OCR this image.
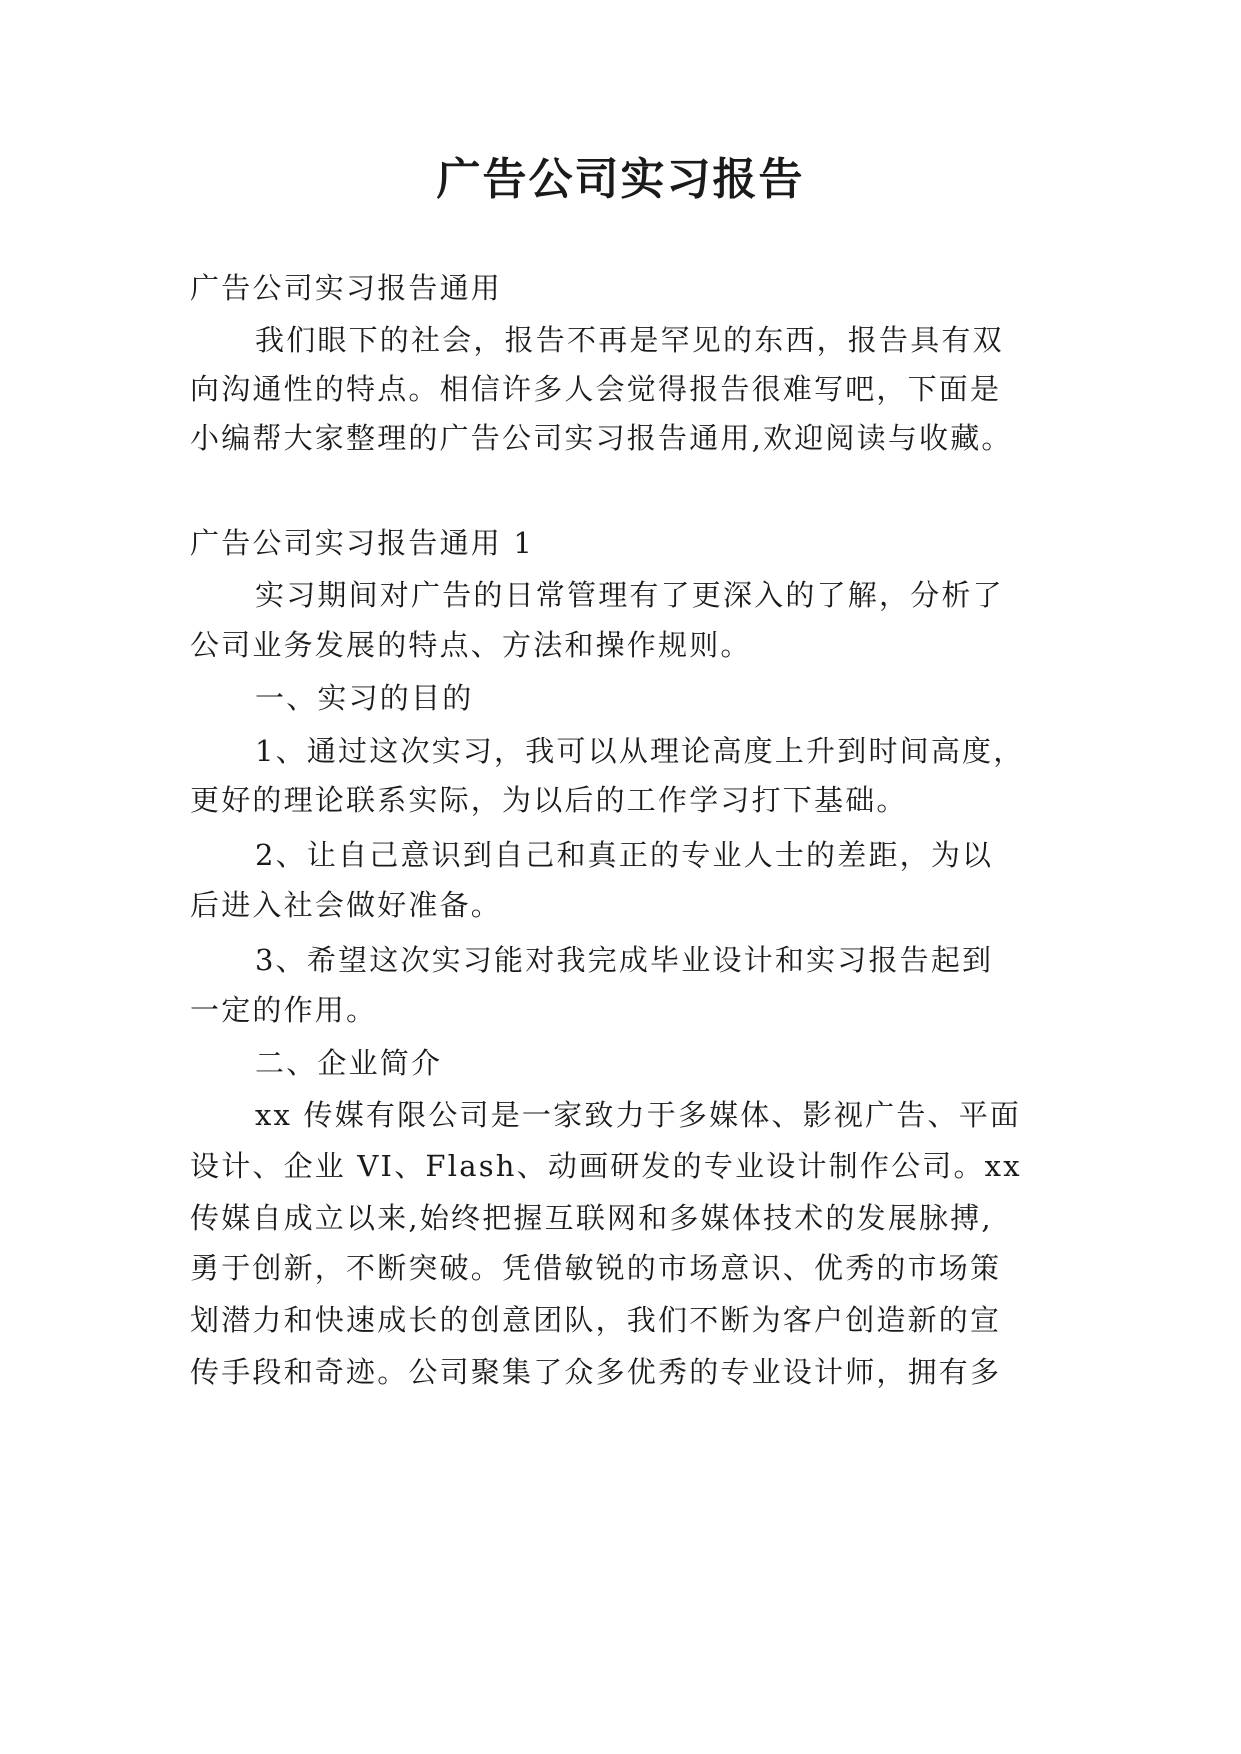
广告公司实习报告
广告公司实习报告通用
我们眼下的社会，报告不再是罕见的东西，报告具有双
向沟通性的特点。相信许多人会觉得报告很难写吧，下面是
小编帮大家整理的广告公司实习报告通用,欢迎阅读与收藏。
广告公司实习报告通用 1
实习期间对广告的日常管理有了更深入的了解，分析了
公司业务发展的特点、方法和操作规则。
一、实习的目的
1、通过这次实习，我可以从理论高度上升到时间高度，
更好的理论联系实际，为以后的工作学习打下基础。
2、让自己意识到自己和真正的专业人士的差距，为以
后进入社会做好准备。
3、希望这次实习能对我完成毕业设计和实习报告起到
一定的作用。
二、企业简介
xx 传媒有限公司是一家致力于多媒体、影视广告、平面
设计、企业 VI、Flash、动画研发的专业设计制作公司。xx
传媒自成立以来,始终把握互联网和多媒体技术的发展脉搏,
勇于创新，不断突破。凭借敏锐的市场意识、优秀的市场策
划潜力和快速成长的创意团队，我们不断为客户创造新的宣
传手段和奇迹。公司聚集了众多优秀的专业设计师，拥有多
